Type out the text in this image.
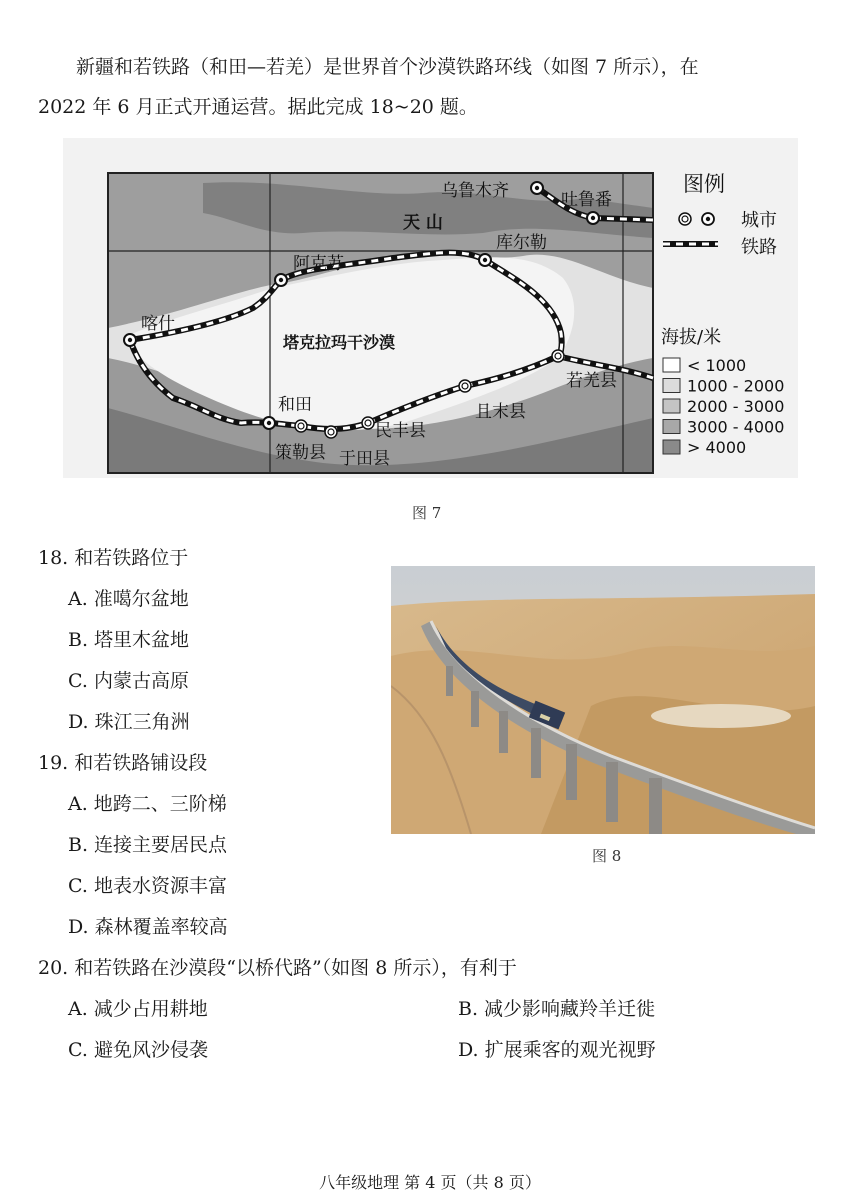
新疆和若铁路（和田—若羌）是世界首个沙漠铁路环线（如图 7 所示），在
2022 年 6 月正式开通运营。据此完成 18~20 题。
天 山
塔克拉玛干沙漠
乌鲁木齐	吐鲁番
库尔勒
阿克苏
喀什
和田
策勒县 于田县
民丰县
且末县
若羌县
图例
城市
铁路
海拔/米
< 1000
1000 - 2000
2000 - 3000
3000 - 4000
> 4000
图 7
图 8
18. 和若铁路位于
A. 准噶尔盆地
B. 塔里木盆地
C. 内蒙古高原
D. 珠江三角洲
19. 和若铁路铺设段
A. 地跨二、三阶梯
B. 连接主要居民点
C. 地表水资源丰富
D. 森林覆盖率较高
20. 和若铁路在沙漠段“以桥代路”（如图 8 所示），有利于
A. 减少占用耕地	B. 减少影响藏羚羊迁徙
C. 避免风沙侵袭	D. 扩展乘客的观光视野
八年级地理 第 4 页（共 8 页）
